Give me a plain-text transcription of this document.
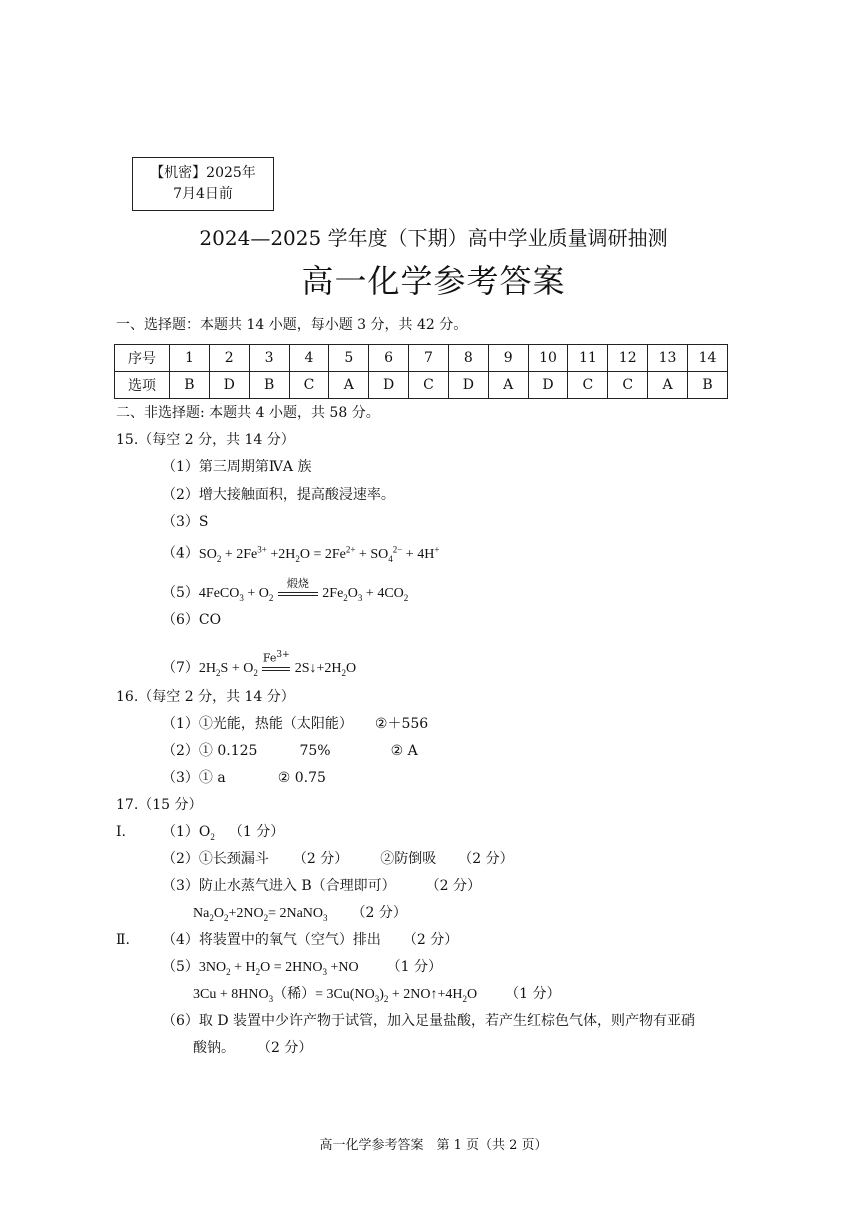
【机密】2025年
7月4日前
2024—2025 学年度（下期）高中学业质量调研抽测
高一化学参考答案
一、选择题：本题共 14 小题，每小题 3 分，共 42 分。
序号	1	2	3	4	5	6	7	8	9	10	11	12	13	14
选项	B	D	B	C	A	D	C	D	A	D	C	C	A	B
二、非选择题: 本题共 4 小题，共 58 分。
15.（每空 2 分，共 14 分）
（1）第三周期第ⅣA 族
（2）增大接触面积，提高酸浸速率。
（3）S
$(4)SO_2 + 2Fe^{3+} +2H_2O = 2Fe^{2+} + SO_4^{2-} + 4H^+$
（5）4FeCO$_3$ + $O_2$
煅烧
$2Fe_2O_3 + 4CO_2$
（6）CO
$(7)2H_2S + O_2$
$Fe^{3+}$
$2S↓+2H_2O$
16.（每空 2 分，共 14 分）
（1）①光能，热能（太阳能） ②＋556
（2）① 0.125	75%	② A
（3）① a	② 0.75
17.（15 分）
Ⅰ.	$(1)O_2$ （1 分）
（2）①长颈漏斗 （2 分） ②防倒吸 （2 分）
（3）防止水蒸气进入 B（合理即可） （2 分）
$Na_2O_2+2NO_2=$ 2NaNO$_3$ （2 分）
Ⅱ. （4）将装置中的氧气（空气）排出 （2 分）
$(5)3NO_2 + H_2O = 2HNO_3 +NO$ （1 分）
$3Cu + 8HNO_3$（稀）= $3Cu(NO_3)_2$ + $2NO↑+4H_2O$ （1 分）
（6）取 D 装置中少许产物于试管，加入足量盐酸，若产生红棕色气体，则产物有亚硝
酸钠。 （2 分）
高一化学参考答案　第 1 页（共 2 页）
